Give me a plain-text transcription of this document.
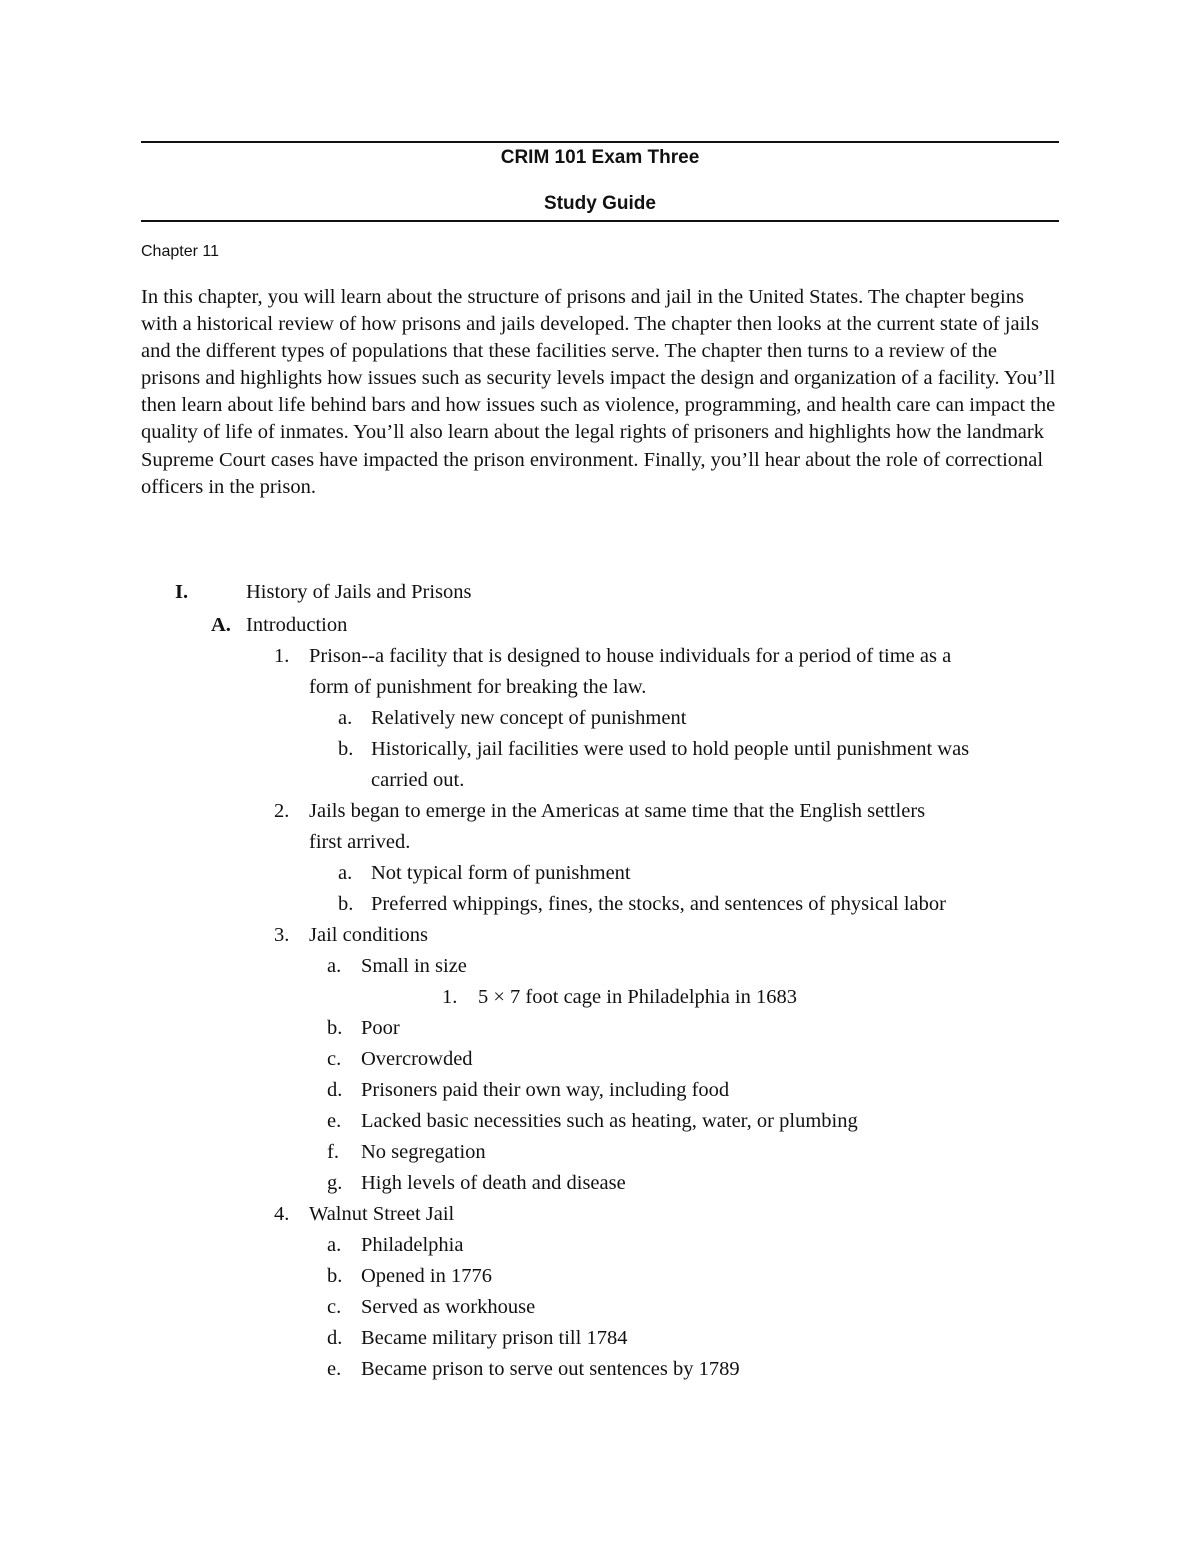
CRIM 101 Exam Three
Study Guide
Chapter 11

In this chapter, you will learn about the structure of prisons and jail in the United States. The chapter begins with a historical review of how prisons and jails developed. The chapter then looks at the current state of jails and the different types of populations that these facilities serve. The chapter then turns to a review of the prisons and highlights how issues such as security levels impact the design and organization of a facility. You’ll then learn about life behind bars and how issues such as violence, programming, and health care can impact the quality of life of inmates. You’ll also learn about the legal rights of prisoners and highlights how the landmark Supreme Court cases have impacted the prison environment. Finally, you’ll hear about the role of correctional officers in the prison.

I.	History of Jails and Prisons
A. Introduction
1. Prison--a facility that is designed to house individuals for a period of time as a
form of punishment for breaking the law.
a. Relatively new concept of punishment
b. Historically, jail facilities were used to hold people until punishment was
carried out.
2. Jails began to emerge in the Americas at same time that the English settlers
first arrived.
a. Not typical form of punishment
b. Preferred whippings, fines, the stocks, and sentences of physical labor
3. Jail conditions
a. Small in size
1. 5 × 7 foot cage in Philadelphia in 1683
b. Poor
c. Overcrowded
d. Prisoners paid their own way, including food
e. Lacked basic necessities such as heating, water, or plumbing
f. No segregation
g. High levels of death and disease
4. Walnut Street Jail
a. Philadelphia
b. Opened in 1776
c. Served as workhouse
d. Became military prison till 1784
e. Became prison to serve out sentences by 1789
